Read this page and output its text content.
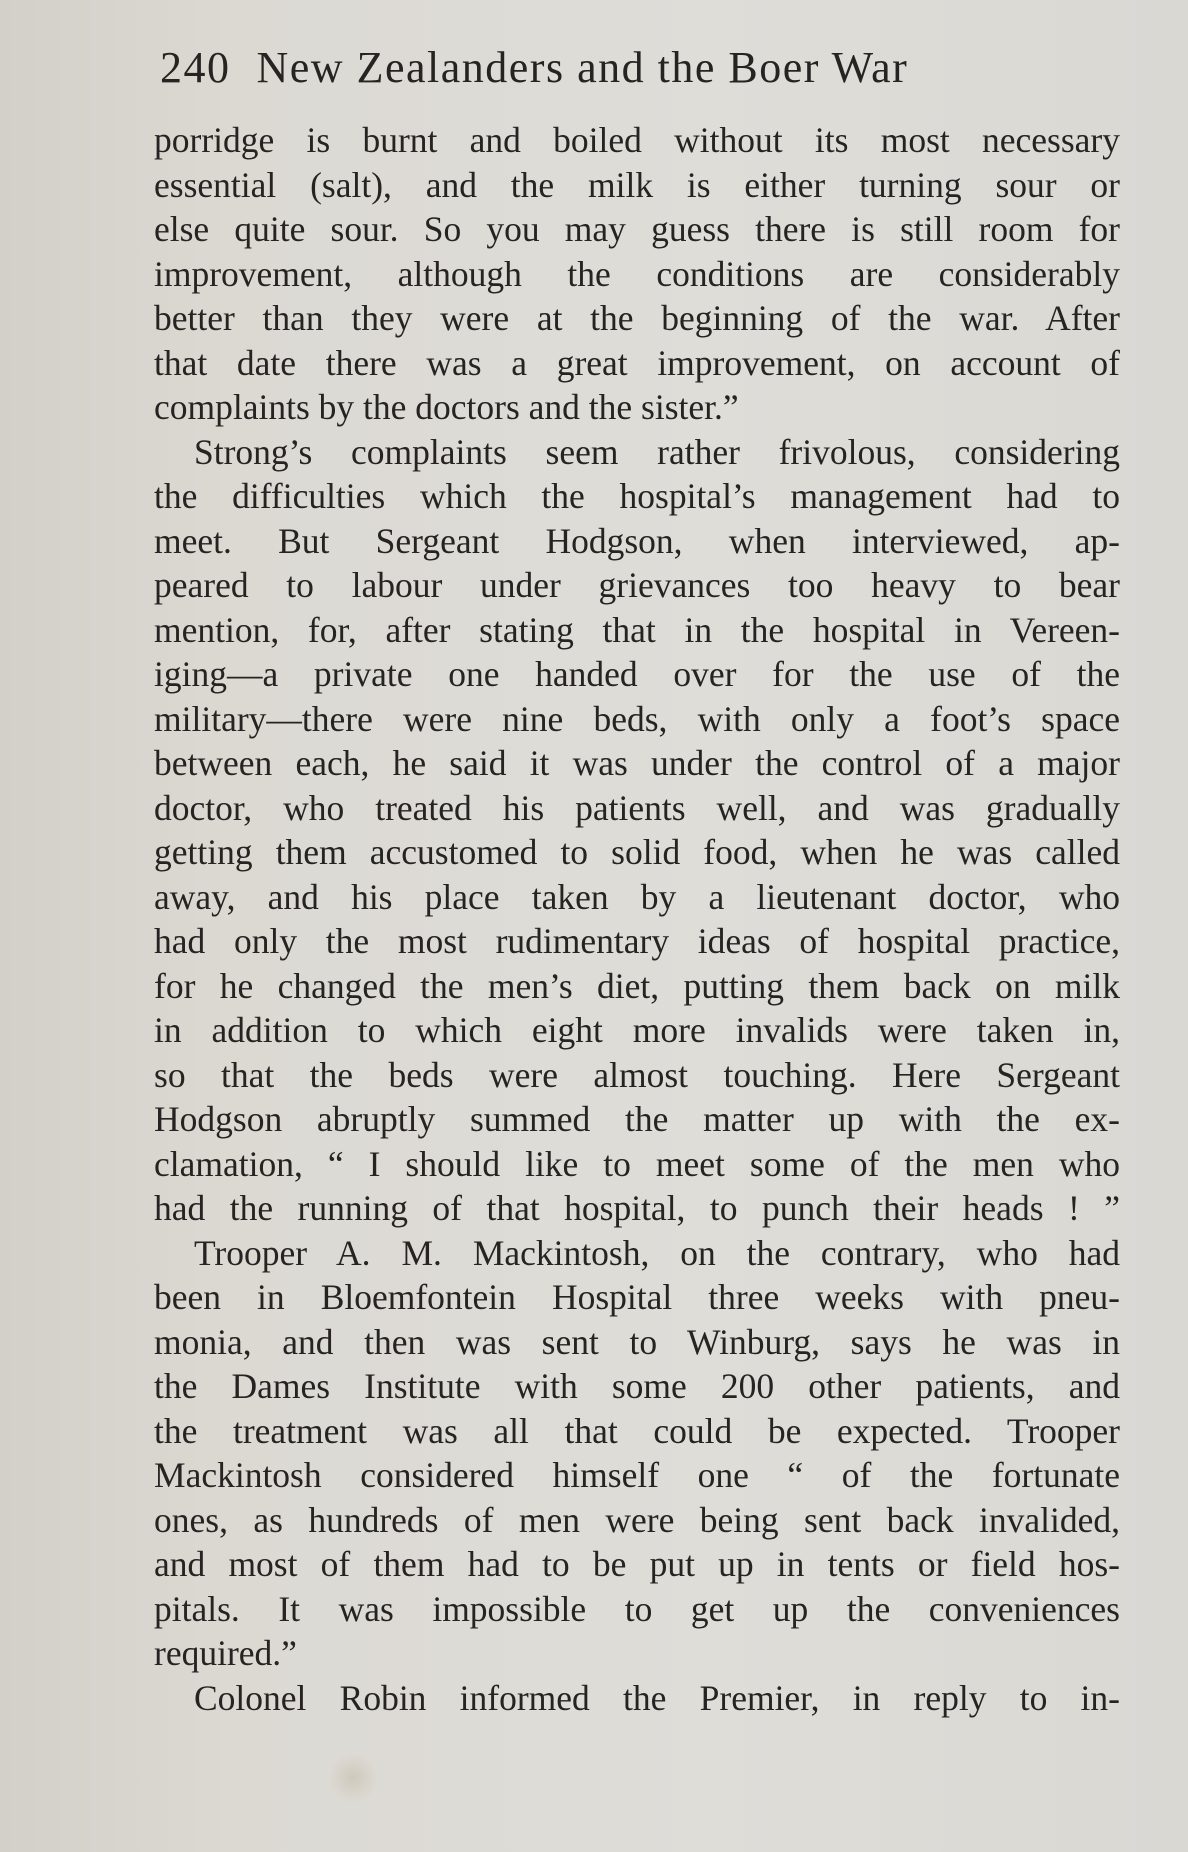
240 New Zealanders and the Boer War
porridge is burnt and boiled without its most necessary
essential (salt), and the milk is either turning sour or
else quite sour. So you may guess there is still room for
improvement, although the conditions are considerably
better than they were at the beginning of the war. After
that date there was a great improvement, on account of
complaints by the doctors and the sister.”
Strong’s complaints seem rather frivolous, considering
the difficulties which the hospital’s management had to
meet. But Sergeant Hodgson, when interviewed, ap-
peared to labour under grievances too heavy to bear
mention, for, after stating that in the hospital in Vereen-
iging—a private one handed over for the use of the
military—there were nine beds, with only a foot’s space
between each, he said it was under the control of a major
doctor, who treated his patients well, and was gradually
getting them accustomed to solid food, when he was called
away, and his place taken by a lieutenant doctor, who
had only the most rudimentary ideas of hospital practice,
for he changed the men’s diet, putting them back on milk
in addition to which eight more invalids were taken in,
so that the beds were almost touching. Here Sergeant
Hodgson abruptly summed the matter up with the ex-
clamation, “ I should like to meet some of the men who
had the running of that hospital, to punch their heads ! ”
Trooper A. M. Mackintosh, on the contrary, who had
been in Bloemfontein Hospital three weeks with pneu-
monia, and then was sent to Winburg, says he was in
the Dames Institute with some 200 other patients, and
the treatment was all that could be expected. Trooper
Mackintosh considered himself one “ of the fortunate
ones, as hundreds of men were being sent back invalided,
and most of them had to be put up in tents or field hos-
pitals. It was impossible to get up the conveniences
required.”
Colonel Robin informed the Premier, in reply to in-
